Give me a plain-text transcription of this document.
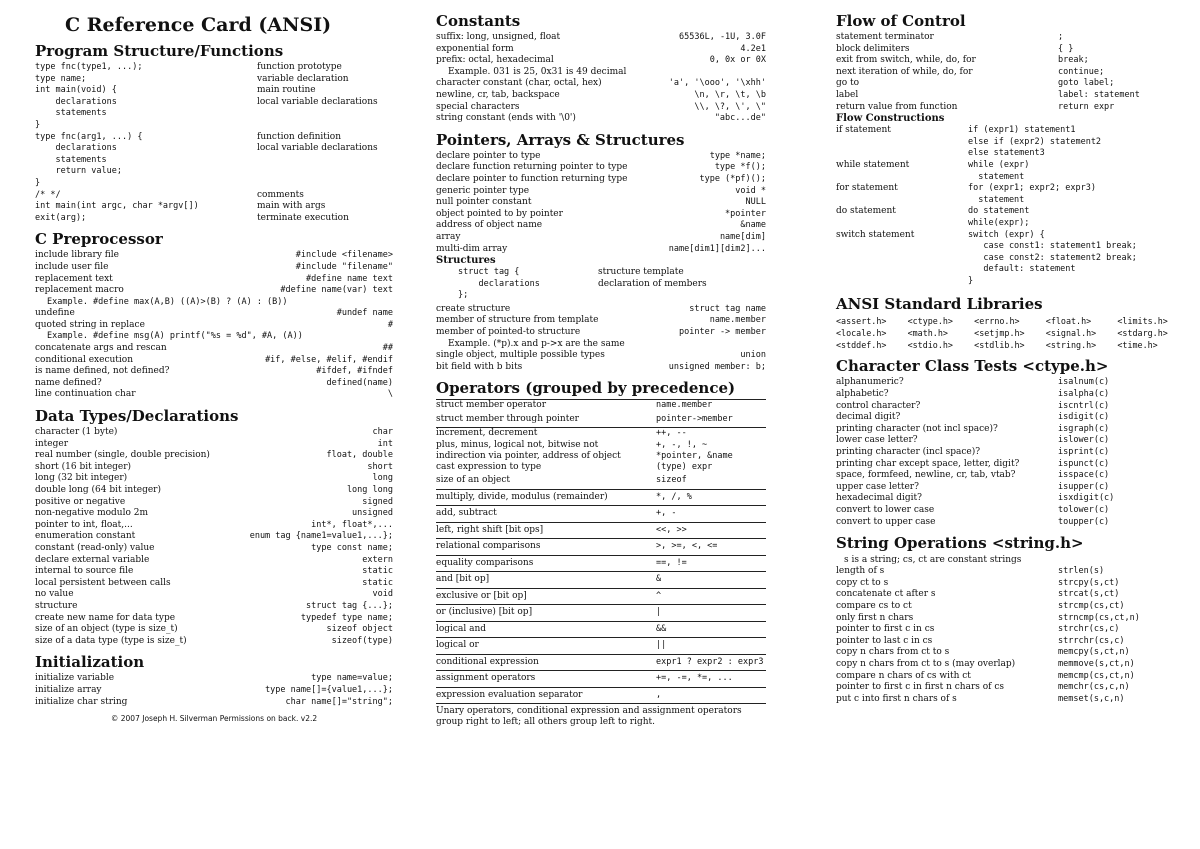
C Reference Card (ANSI)
Program Structure/Functions
type fnc(type1, ...);	function prototype
type name;	variable declaration
int main(void) {	main routine
declarations	local variable declarations
statements
}
type fnc(arg1, ...) {	function definition
declarations	local variable declarations
statements
return value;
}
/* */	comments
int main(int argc, char *argv[])	main with args
exit(arg);	terminate execution
C Preprocessor
include library file	#include <filename>
include user file	#include "filename"
replacement text	#define name text
replacement macro	#define name(var) text
Example. #define max(A,B) ((A)>(B) ? (A) : (B))
undefine	#undef name
quoted string in replace	#
Example. #define msg(A) printf("%s = %d", #A, (A))
concatenate args and rescan	##
conditional execution	#if, #else, #elif, #endif
is name defined, not defined?	#ifdef, #ifndef
name defined?	defined(name)
line continuation char	\
Data Types/Declarations
character (1 byte)	char
integer	int
real number (single, double precision)	float, double
short (16 bit integer)	short
long (32 bit integer)	long
double long (64 bit integer)	long long
positive or negative	signed
non-negative modulo 2m	unsigned
pointer to int, float,...	int*, float*,...
enumeration constant	enum tag {name1=value1,...};
constant (read-only) value	type const name;
declare external variable	extern
internal to source file	static
local persistent between calls	static
no value	void
structure	struct tag {...};
create new name for data type	typedef type name;
size of an object (type is size_t)	sizeof object
size of a data type (type is size_t)	sizeof(type)
Initialization
initialize variable	type name=value;
initialize array	type name[]={value1,...};
initialize char string	char name[]="string";
© 2007 Joseph H. Silverman Permissions on back. v2.2
Constants
suffix: long, unsigned, float	65536L, -1U, 3.0F
exponential form	4.2e1
prefix: octal, hexadecimal	0, 0x or 0X
Example. 031 is 25, 0x31 is 49 decimal
character constant (char, octal, hex)	'a', '\ooo', '\xhh'
newline, cr, tab, backspace	\n, \r, \t, \b
special characters	\\, \?, \', \"
string constant (ends with '\0')	"abc...de"
Pointers, Arrays & Structures
declare pointer to type	type *name;
declare function returning pointer to type	type *f();
declare pointer to function returning type	type (*pf)();
generic pointer type	void *
null pointer constant	NULL
object pointed to by pointer	*pointer
address of object name	&name
array	name[dim]
multi-dim array	name[dim1][dim2]...
Structures
struct tag {	structure template
declarations	declaration of members
};
create structure	struct tag name
member of structure from template	name.member
member of pointed-to structure	pointer -> member
Example. (*p).x and p->x are the same
single object, multiple possible types	union
bit field with b bits	unsigned member: b;
Operators (grouped by precedence)
struct member operator	name.member
struct member through pointer	pointer->member
increment, decrement	++, --
plus, minus, logical not, bitwise not	+, -, !, ~
indirection via pointer, address of object	*pointer, &name
cast expression to type	(type) expr
size of an object	sizeof
multiply, divide, modulus (remainder)	*, /, %
add, subtract	+, -
left, right shift [bit ops]	<<, >>
relational comparisons	>, >=, <, <=
equality comparisons	==, !=
and [bit op]	&
exclusive or [bit op]	^
or (inclusive) [bit op]	|
logical and	&&
logical or	||
conditional expression	expr1 ? expr2 : expr3
assignment operators	+=, -=, *=, ...
expression evaluation separator	,
Unary operators, conditional expression and assignment operators group right to left; all others group left to right.
Flow of Control
statement terminator	;
block delimiters	{ }
exit from switch, while, do, for	break;
next iteration of while, do, for	continue;
go to	goto label;
label	label: statement
return value from function	return expr
Flow Constructions
if statement	if (expr1) statement1
else if (expr2) statement2
else statement3
while statement	while (expr)
statement
for statement	for (expr1; expr2; expr3)
statement
do statement	do statement
while(expr);
switch statement	switch (expr) {
case const1: statement1 break;
case const2: statement2 break;
default: statement
}
ANSI Standard Libraries
<assert.h>	<ctype.h>	<errno.h>	<float.h>	<limits.h>
<locale.h>	<math.h>	<setjmp.h>	<signal.h>	<stdarg.h>
<stddef.h>	<stdio.h>	<stdlib.h>	<string.h>	<time.h>
Character Class Tests <ctype.h>
alphanumeric?	isalnum(c)
alphabetic?	isalpha(c)
control character?	iscntrl(c)
decimal digit?	isdigit(c)
printing character (not incl space)?	isgraph(c)
lower case letter?	islower(c)
printing character (incl space)?	isprint(c)
printing char except space, letter, digit?	ispunct(c)
space, formfeed, newline, cr, tab, vtab?	isspace(c)
upper case letter?	isupper(c)
hexadecimal digit?	isxdigit(c)
convert to lower case	tolower(c)
convert to upper case	toupper(c)
String Operations <string.h>
s is a string; cs, ct are constant strings
length of s	strlen(s)
copy ct to s	strcpy(s,ct)
concatenate ct after s	strcat(s,ct)
compare cs to ct	strcmp(cs,ct)
only first n chars	strncmp(cs,ct,n)
pointer to first c in cs	strchr(cs,c)
pointer to last c in cs	strrchr(cs,c)
copy n chars from ct to s	memcpy(s,ct,n)
copy n chars from ct to s (may overlap)	memmove(s,ct,n)
compare n chars of cs with ct	memcmp(cs,ct,n)
pointer to first c in first n chars of cs	memchr(cs,c,n)
put c into first n chars of s	memset(s,c,n)
